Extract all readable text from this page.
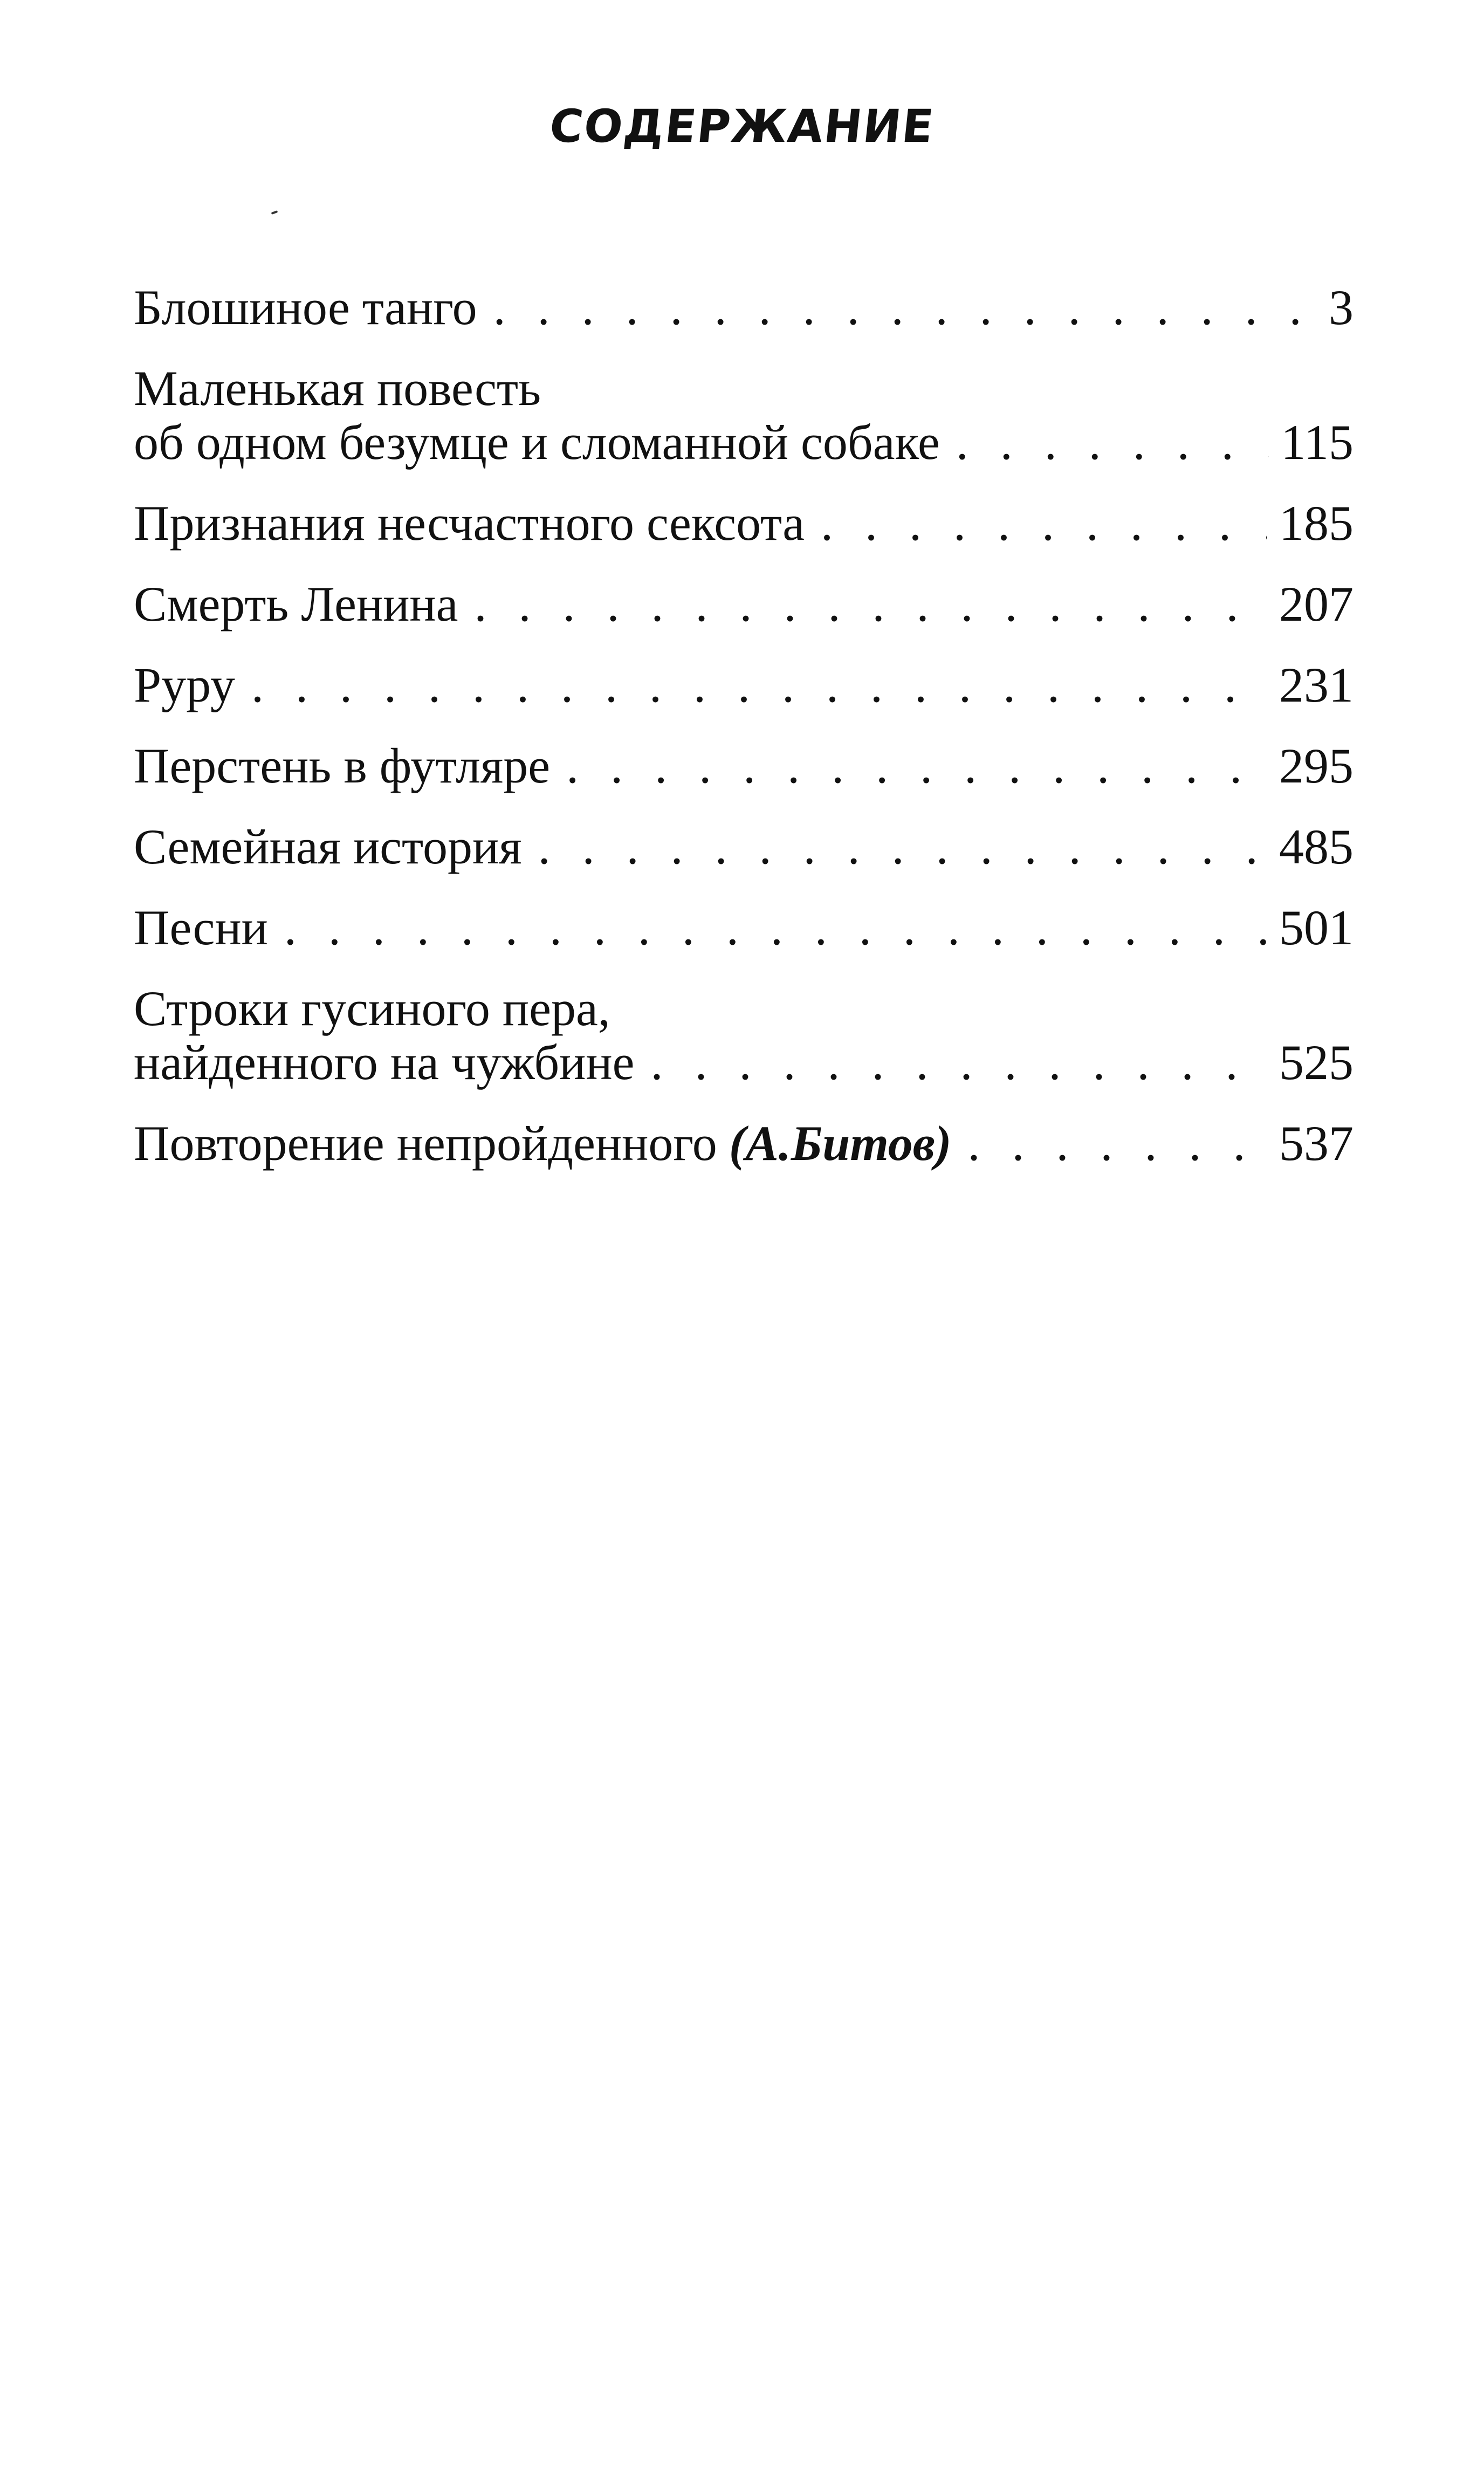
СОДЕРЖАНИЕ
Блошиное танго . . .	3
Маленькая повесть
об одном безумце и сломанной собаке . . .	115
Признания несчастного сексота . . .	185
Смерть Ленина . . .	207
Руру . . .	231
Перстень в футляре . . .	295
Семейная история . . .	485
Песни . . .	501
Строки гусиного пера,
найденного на чужбине . . .	525
Повторение непройденного (А.Битов) . . .	537
